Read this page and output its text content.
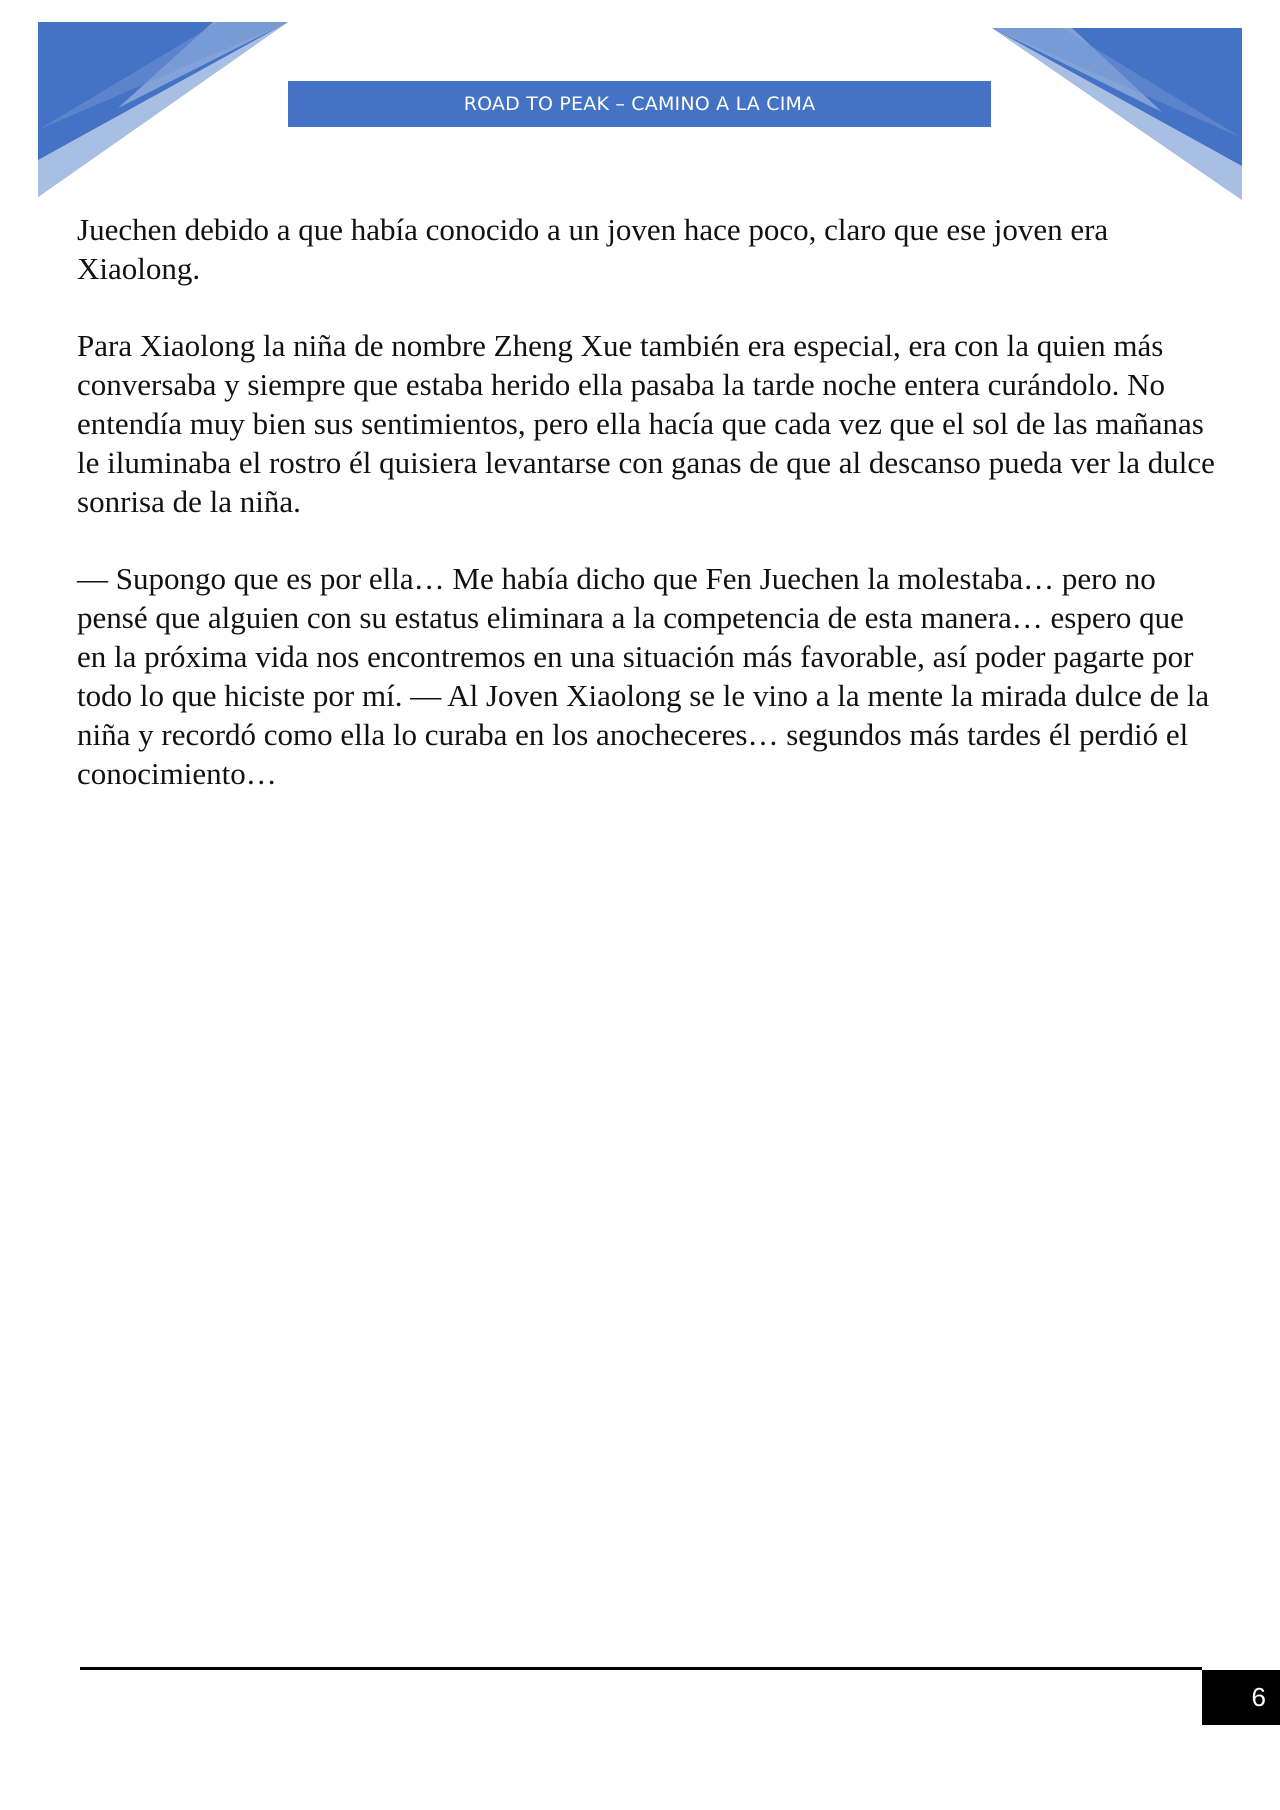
ROAD TO PEAK – CAMINO A LA CIMA

Juechen debido a que había conocido a un joven hace poco, claro que ese joven era Xiaolong.

Para Xiaolong la niña de nombre Zheng Xue también era especial, era con la quien más conversaba y siempre que estaba herido ella pasaba la tarde noche entera curándolo. No entendía muy bien sus sentimientos, pero ella hacía que cada vez que el sol de las mañanas le iluminaba el rostro él quisiera levantarse con ganas de que al descanso pueda ver la dulce sonrisa de la niña.

— Supongo que es por ella… Me había dicho que Fen Juechen la molestaba… pero no pensé que alguien con su estatus eliminara a la competencia de esta manera… espero que en la próxima vida nos encontremos en una situación más favorable, así poder pagarte por todo lo que hiciste por mí. — Al Joven Xiaolong se le vino a la mente la mirada dulce de la niña y recordó como ella lo curaba en los anocheceres… segundos más tardes él perdió el conocimiento…

6
